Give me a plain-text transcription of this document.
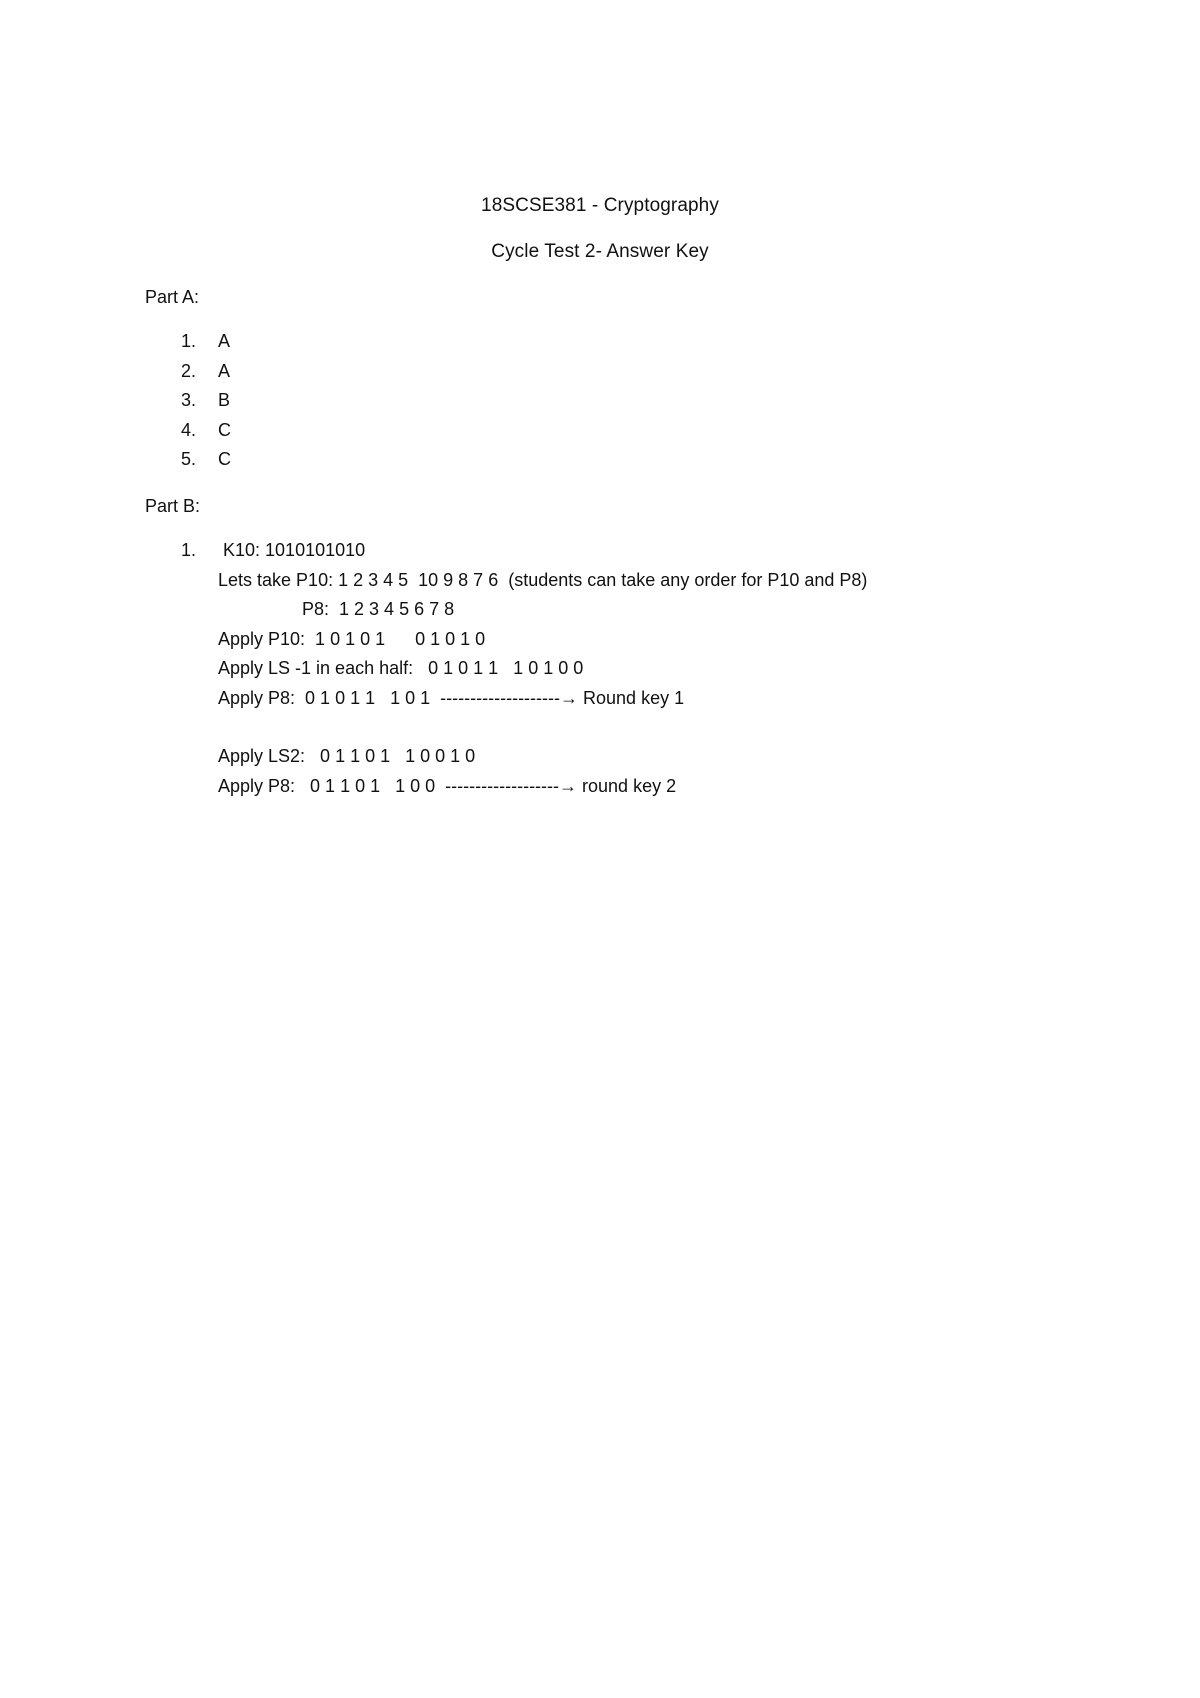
18SCSE381 - Cryptography
Cycle Test 2- Answer Key
Part A:
1.	A
2.	A
3.	B
4.	C
5.	C
Part B:
1. K10: 1010101010
Lets take P10: 1 2 3 4 5  10 9 8 7 6  (students can take any order for P10 and P8)
P8:  1 2 3 4 5 6 7 8
Apply P10:  1 0 1 0 1      0 1 0 1 0
Apply LS -1 in each half:   0 1 0 1 1   1 0 1 0 0
Apply P8:  0 1 0 1 1   1 0 1  --------------------→ Round key 1
Apply LS2:   0 1 1 0 1   1 0 0 1 0
Apply P8:   0 1 1 0 1   1 0 0  -------------------→ round key 2
